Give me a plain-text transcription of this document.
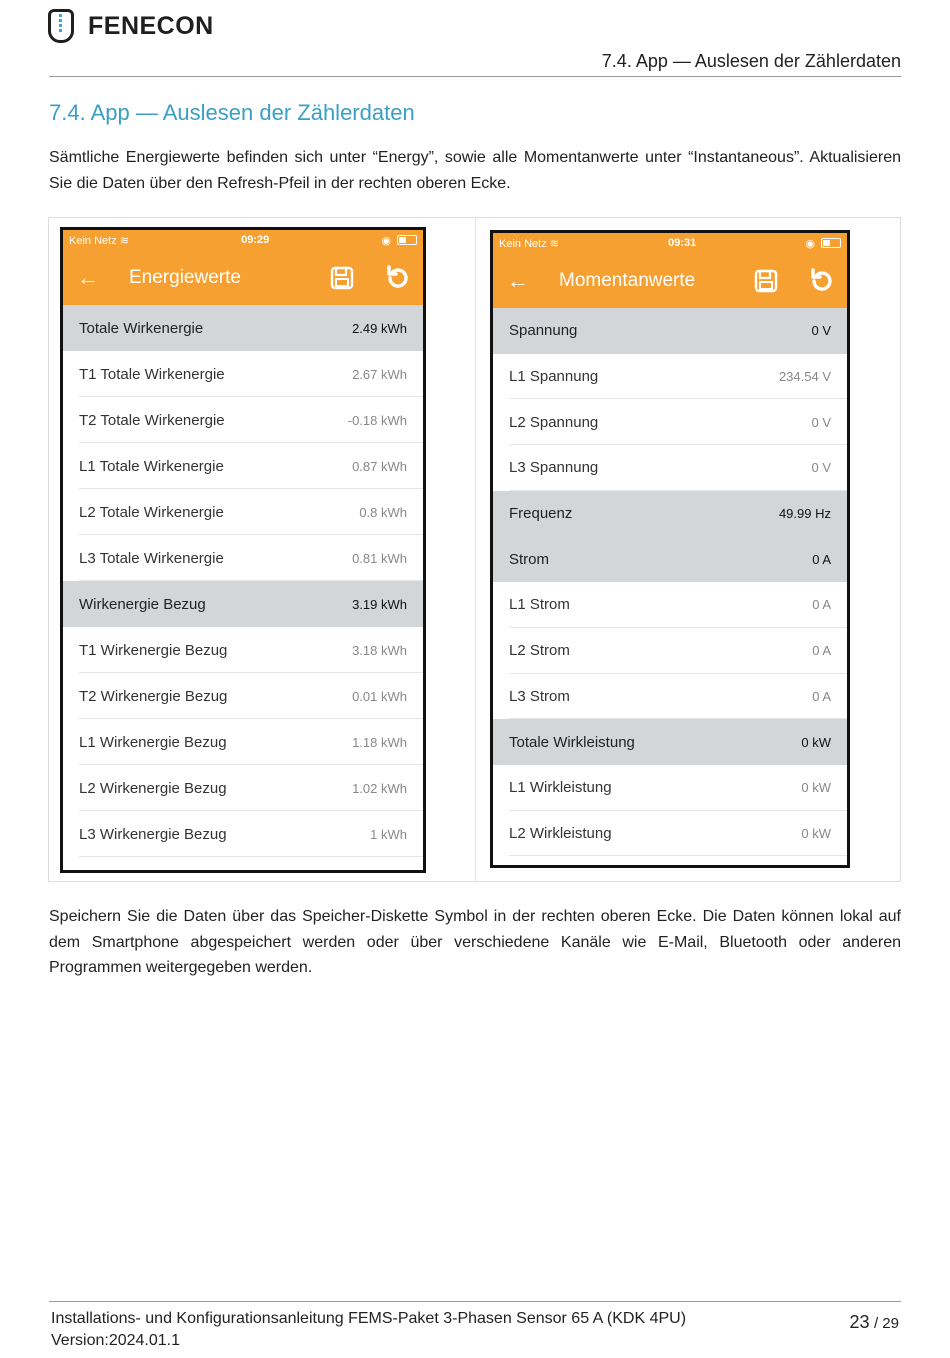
FENECON
7.4. App — Auslesen der Zählerdaten
7.4. App — Auslesen der Zählerdaten
Sämtliche Energiewerte befinden sich unter “Energy”, sowie alle Momentanwerte unter “Instantaneous”. Aktualisieren Sie die Daten über den Refresh-Pfeil in der rechten oberen Ecke.
Kein Netz ≋	09:29	◉
← Energiewerte
Totale Wirkenergie	2.49 kWh
T1 Totale Wirkenergie	2.67 kWh
T2 Totale Wirkenergie	-0.18 kWh
L1 Totale Wirkenergie	0.87 kWh
L2 Totale Wirkenergie	0.8 kWh
L3 Totale Wirkenergie	0.81 kWh
Wirkenergie Bezug	3.19 kWh
T1 Wirkenergie Bezug	3.18 kWh
T2 Wirkenergie Bezug	0.01 kWh
L1 Wirkenergie Bezug	1.18 kWh
L2 Wirkenergie Bezug	1.02 kWh
L3 Wirkenergie Bezug	1 kWh
Kein Netz ≋	09:31	◉
← Momentanwerte
Spannung	0 V
L1 Spannung	234.54 V
L2 Spannung	0 V
L3 Spannung	0 V
Frequenz	49.99 Hz
Strom	0 A
L1 Strom	0 A
L2 Strom	0 A
L3 Strom	0 A
Totale Wirkleistung	0 kW
L1 Wirkleistung	0 kW
L2 Wirkleistung	0 kW
Speichern Sie die Daten über das Speicher-Diskette Symbol in der rechten oberen Ecke. Die Daten können lokal auf dem Smartphone abgespeichert werden oder über verschiedene Kanäle wie E-Mail, Bluetooth oder anderen Programmen weitergegeben werden.
Installations- und Konfigurationsanleitung FEMS-Paket 3-Phasen Sensor 65 A (KDK 4PU)
Version:2024.01.1
23 / 29
